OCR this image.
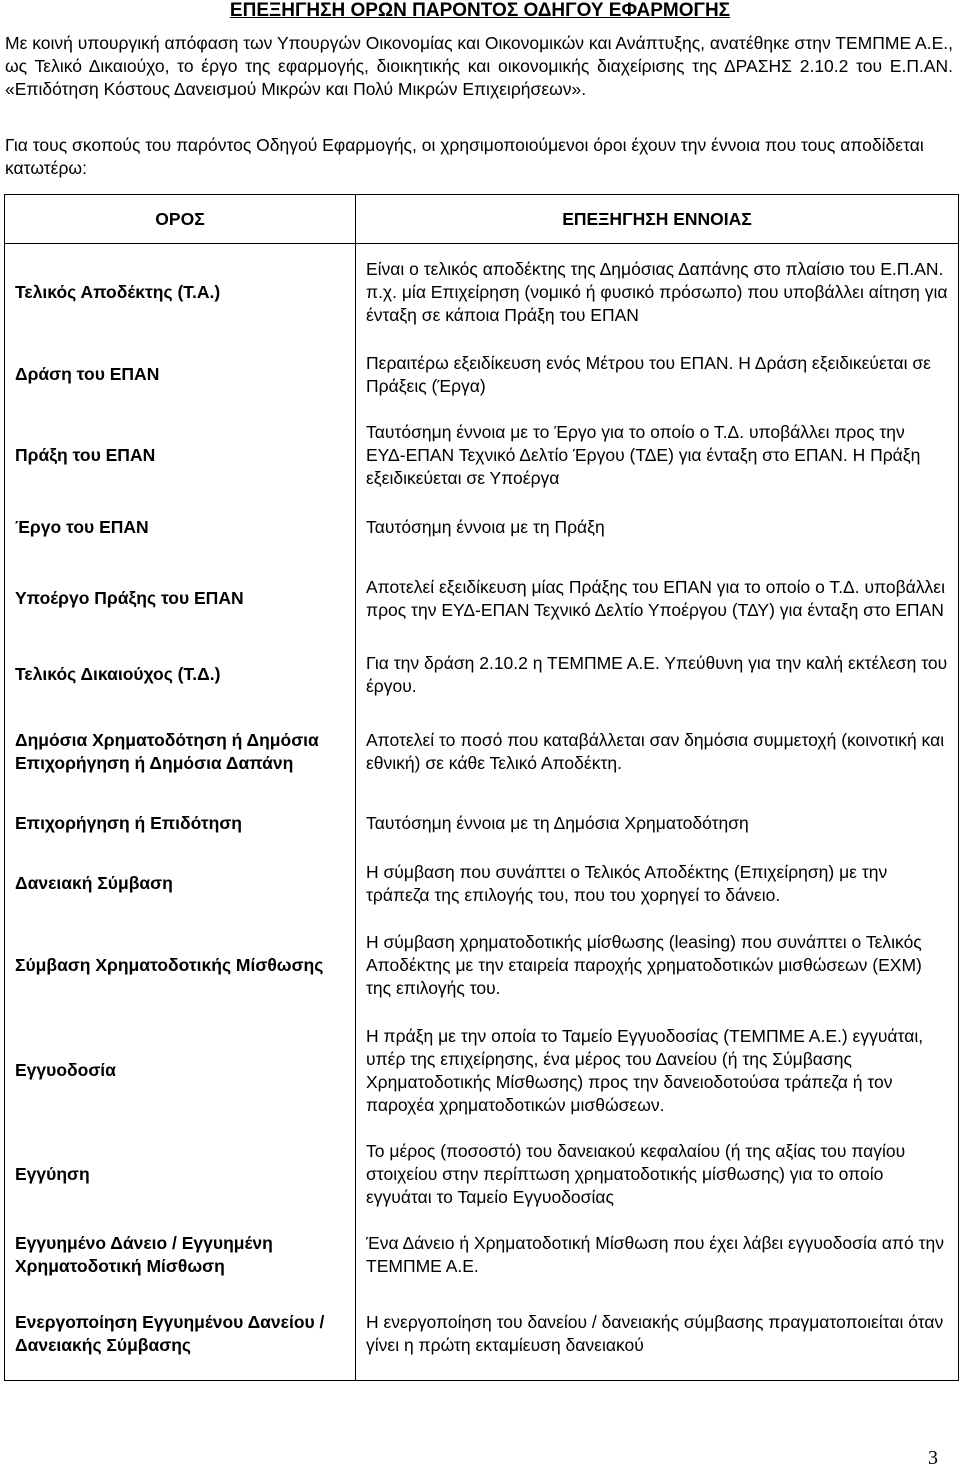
ΕΠΕΞΗΓΗΣΗ ΟΡΩΝ ΠΑΡΟΝΤΟΣ ΟΔΗΓΟΥ ΕΦΑΡΜΟΓΗΣ

Με κοινή υπουργική απόφαση των Υπουργών Οικονομίας και Οικονομικών και Ανάπτυξης, ανατέθηκε στην ΤΕΜΠΜΕ Α.Ε., ως Τελικό Δικαιούχο, το έργο της εφαρμογής, διοικητικής και οικονομικής διαχείρισης της ΔΡΑΣΗΣ 2.10.2 του Ε.Π.ΑΝ. «Επιδότηση Κόστους Δανεισμού Μικρών και Πολύ Μικρών Επιχειρήσεων».

Για τους σκοπούς του παρόντος Οδηγού Εφαρμογής, οι χρησιμοποιούμενοι όροι έχουν την έννοια που τους αποδίδεται κατωτέρω:

ΟΡΟΣ	ΕΠΕΞΗΓΗΣΗ ΕΝΝΟΙΑΣ
Τελικός Αποδέκτης (Τ.Α.)	Είναι ο τελικός αποδέκτης της Δημόσιας Δαπάνης στο πλαίσιο του Ε.Π.ΑΝ. π.χ. μία Επιχείρηση (νομικό ή φυσικό πρόσωπο) που υποβάλλει αίτηση για ένταξη σε κάποια Πράξη του ΕΠΑΝ
Δράση του ΕΠΑΝ	Περαιτέρω εξειδίκευση ενός Μέτρου του ΕΠΑΝ. Η Δράση εξειδικεύεται σε Πράξεις (Έργα)
Πράξη του ΕΠΑΝ	Ταυτόσημη έννοια με το Έργο για το οποίο ο Τ.Δ. υποβάλλει προς την ΕΥΔ-ΕΠΑΝ Τεχνικό Δελτίο Έργου (ΤΔΕ) για ένταξη στο ΕΠΑΝ. Η Πράξη εξειδικεύεται σε Υποέργα
Έργο του ΕΠΑΝ	Ταυτόσημη έννοια με τη Πράξη
Υποέργο Πράξης του ΕΠΑΝ	Αποτελεί εξειδίκευση μίας Πράξης του ΕΠΑΝ για το οποίο ο Τ.Δ. υποβάλλει προς την ΕΥΔ-ΕΠΑΝ Τεχνικό Δελτίο Υποέργου (ΤΔΥ) για ένταξη στο ΕΠΑΝ
Τελικός Δικαιούχος (Τ.Δ.)	Για την δράση 2.10.2 η ΤΕΜΠΜΕ Α.Ε. Υπεύθυνη για την καλή εκτέλεση του έργου.
Δημόσια Χρηματοδότηση ή Δημόσια Επιχορήγηση ή Δημόσια Δαπάνη	Αποτελεί το ποσό που καταβάλλεται σαν δημόσια συμμετοχή (κοινοτική και εθνική) σε κάθε Τελικό Αποδέκτη.
Επιχορήγηση ή Επιδότηση	Ταυτόσημη έννοια με τη Δημόσια Χρηματοδότηση
Δανειακή Σύμβαση	Η σύμβαση που συνάπτει ο Τελικός Αποδέκτης (Επιχείρηση) με την τράπεζα της επιλογής του, που του χορηγεί το δάνειο.
Σύμβαση Χρηματοδοτικής Μίσθωσης	Η σύμβαση χρηματοδοτικής μίσθωσης (leasing) που συνάπτει ο Τελικός Αποδέκτης με την εταιρεία παροχής χρηματοδοτικών μισθώσεων (ΕΧΜ) της επιλογής του.
Εγγυοδοσία	Η πράξη με την οποία το Ταμείο Εγγυοδοσίας (ΤΕΜΠΜΕ Α.Ε.) εγγυάται, υπέρ της επιχείρησης, ένα μέρος του Δανείου (ή της Σύμβασης Χρηματοδοτικής Μίσθωσης) προς την δανειοδοτούσα τράπεζα ή τον παροχέα χρηματοδοτικών μισθώσεων.
Εγγύηση	Το μέρος (ποσοστό) του δανειακού κεφαλαίου (ή της αξίας του παγίου στοιχείου στην περίπτωση χρηματοδοτικής μίσθωσης) για το οποίο εγγυάται το Ταμείο Εγγυοδοσίας
Εγγυημένο Δάνειο / Εγγυημένη Χρηματοδοτική Μίσθωση	Ένα Δάνειο ή Χρηματοδοτική Μίσθωση που έχει λάβει εγγυοδοσία από την ΤΕΜΠΜΕ Α.Ε.
Ενεργοποίηση Εγγυημένου Δανείου / Δανειακής Σύμβασης	Η ενεργοποίηση του δανείου / δανειακής σύμβασης πραγματοποιείται όταν γίνει η πρώτη εκταμίευση δανειακού
3
